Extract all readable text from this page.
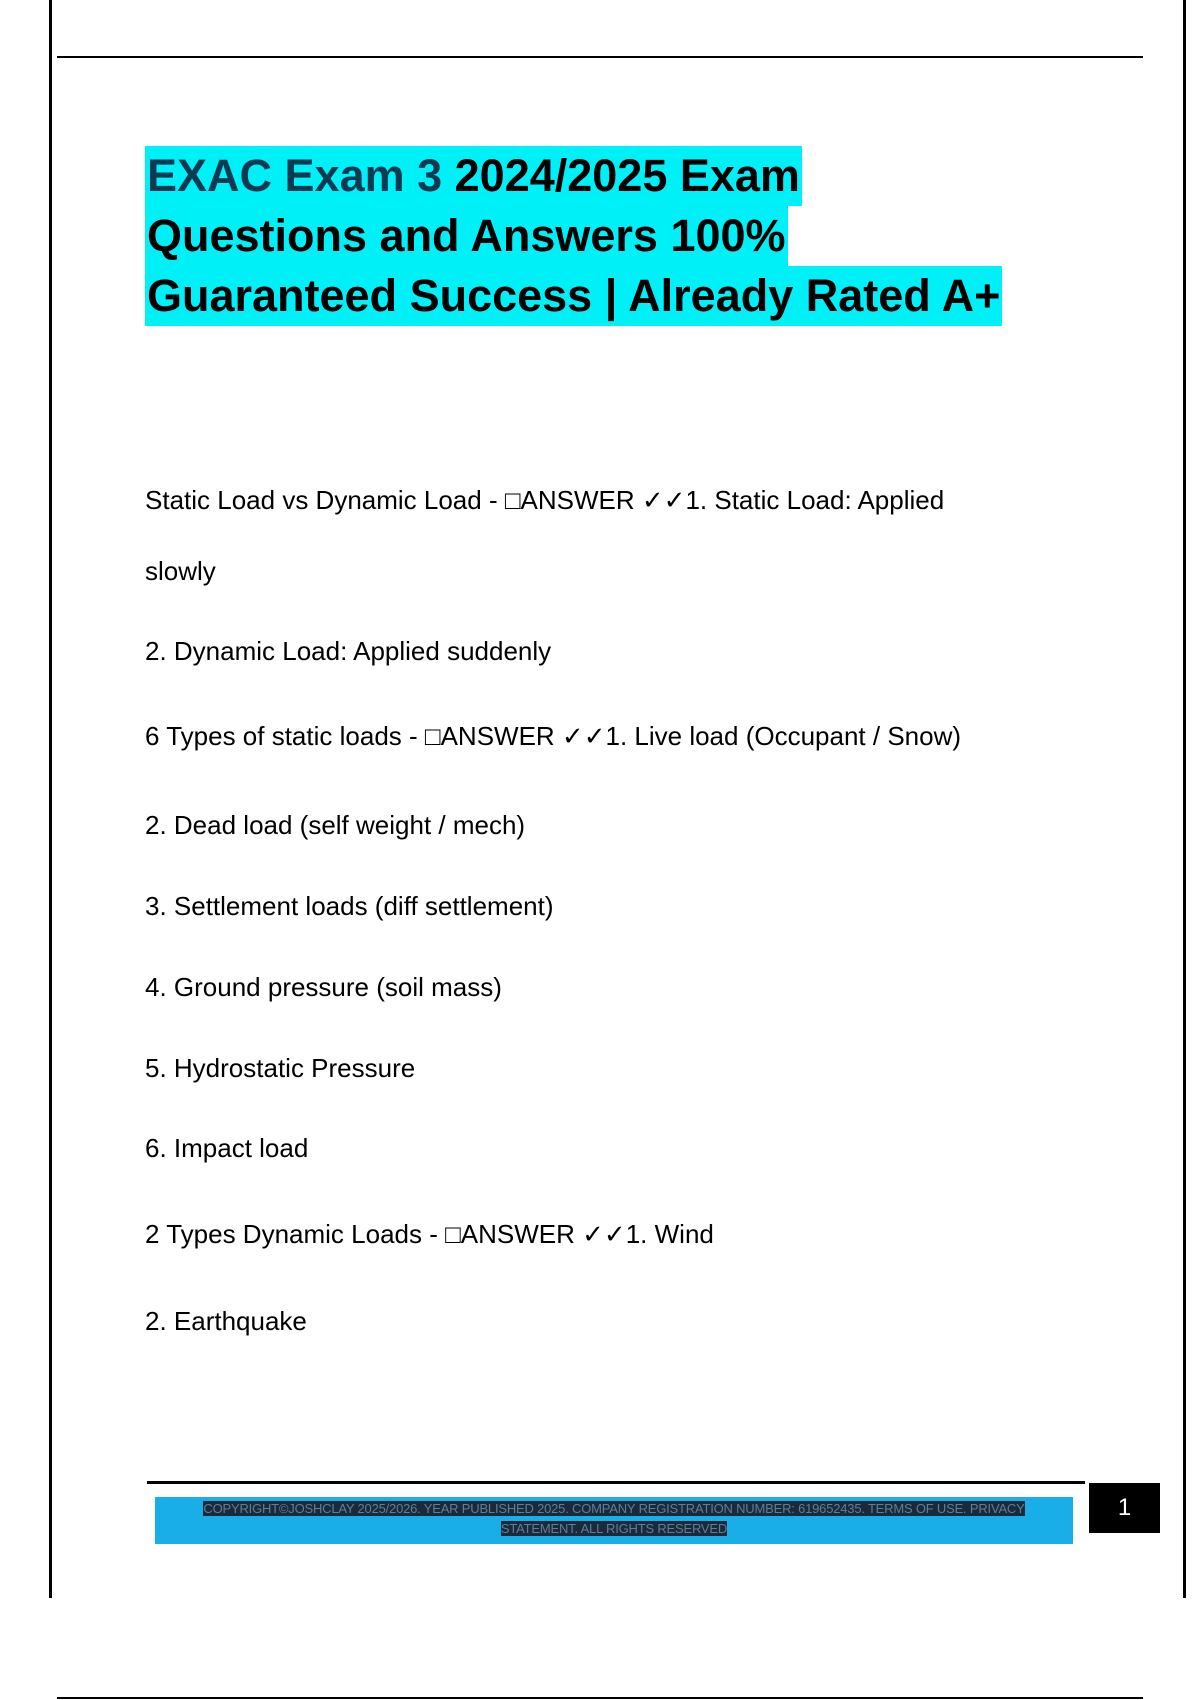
EXAC Exam 3 2024/2025 Exam
Questions and Answers 100%
Guaranteed Success | Already Rated A+

Static Load vs Dynamic Load - □ANSWER ✓✓1. Static Load: Applied

slowly

2. Dynamic Load: Applied suddenly

6 Types of static loads - □ANSWER ✓✓1. Live load (Occupant / Snow)

2. Dead load (self weight / mech)

3. Settlement loads (diff settlement)

4. Ground pressure (soil mass)

5. Hydrostatic Pressure

6. Impact load

2 Types Dynamic Loads - □ANSWER ✓✓1. Wind

2. Earthquake

COPYRIGHT©JOSHCLAY 2025/2026. YEAR PUBLISHED 2025. COMPANY REGISTRATION NUMBER: 619652435. TERMS OF USE. PRIVACY
STATEMENT. ALL RIGHTS RESERVED
1
